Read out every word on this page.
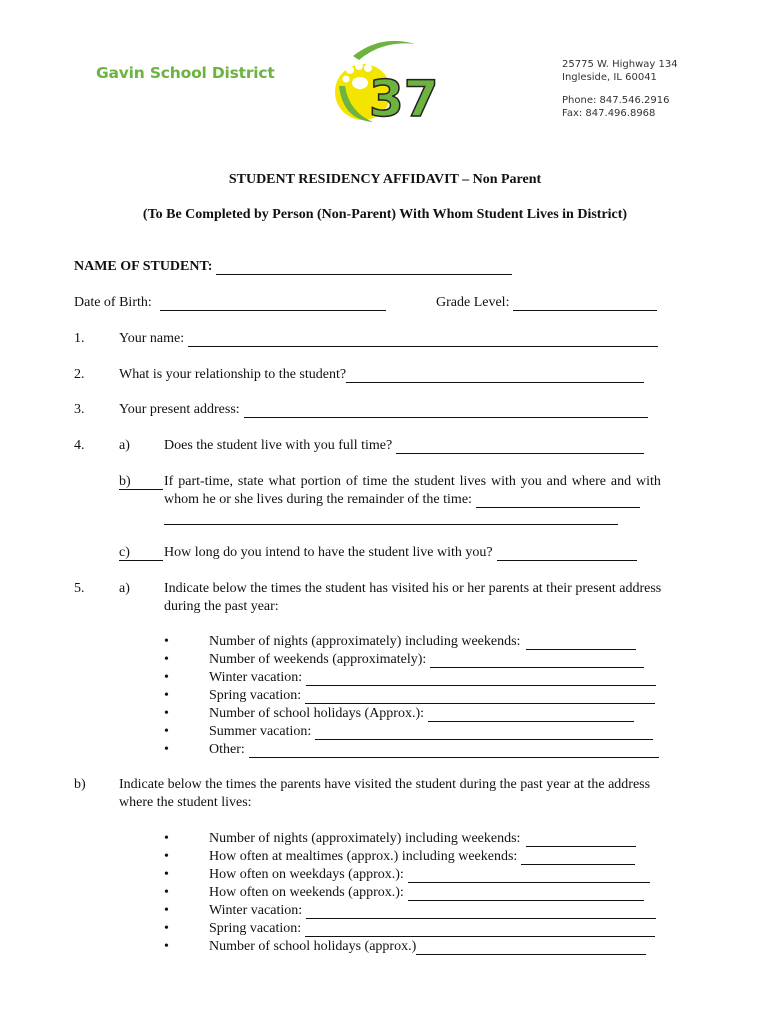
Gavin School District 37
25775 W. Highway 134
Ingleside, IL 60041
Phone: 847.546.2916
Fax: 847.496.8968
STUDENT RESIDENCY AFFIDAVIT – Non Parent
(To Be Completed by Person (Non-Parent) With Whom Student Lives in District)
NAME OF STUDENT:
Date of Birth:	Grade Level:
1. Your name:
2. What is your relationship to the student?
3. Your present address:
4. a) Does the student live with you full time?
b)	If part-time, state what portion of time the student lives with you and where and with
whom he or she lives during the remainder of the time:
c)	How long do you intend to have the student live with you?
5. a) Indicate below the times the student has visited his or her parents at their present address
during the past year:
•	Number of nights (approximately) including weekends:
•	Number of weekends (approximately):
•	Winter vacation:
•	Spring vacation:
•	Number of school holidays (Approx.):
•	Summer vacation:
•	Other:
b) Indicate below the times the parents have visited the student during the past year at the address
where the student lives:
•	Number of nights (approximately) including weekends:
•	How often at mealtimes (approx.) including weekends:
•	How often on weekdays (approx.):
•	How often on weekends (approx.):
•	Winter vacation:
•	Spring vacation:
•	Number of school holidays (approx.)
